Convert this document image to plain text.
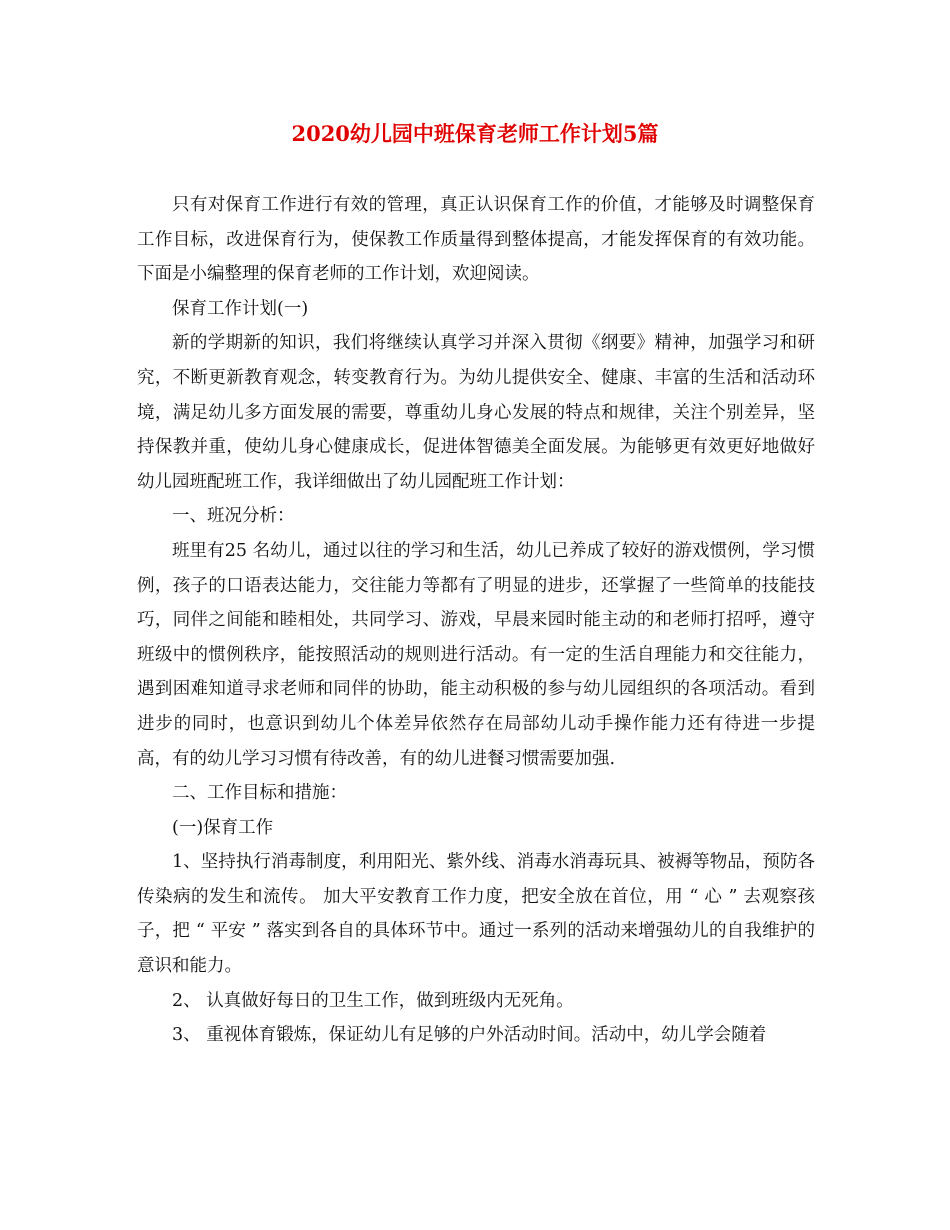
2020幼儿园中班保育老师工作计划5篇

只有对保育工作进行有效的管理，真正认识保育工作的价值，才能够及时调整保育工作目标，改进保育行为，使保教工作质量得到整体提高，才能发挥保育的有效功能。下面是小编整理的保育老师的工作计划，欢迎阅读。

保育工作计划(一)

新的学期新的知识，我们将继续认真学习并深入贯彻《纲要》精神，加强学习和研究，不断更新教育观念，转变教育行为。为幼儿提供安全、健康、丰富的生活和活动环境，满足幼儿多方面发展的需要，尊重幼儿身心发展的特点和规律，关注个别差异，坚持保教并重，使幼儿身心健康成长，促进体智德美全面发展。为能够更有效更好地做好幼儿园班配班工作，我详细做出了幼儿园配班工作计划：

一、班况分析：

班里有25 名幼儿，通过以往的学习和生活，幼儿已养成了较好的游戏惯例，学习惯例，孩子的口语表达能力，交往能力等都有了明显的进步，还掌握了一些简单的技能技巧，同伴之间能和睦相处，共同学习、游戏，早晨来园时能主动的和老师打招呼，遵守班级中的惯例秩序，能按照活动的规则进行活动。有一定的生活自理能力和交往能力，遇到困难知道寻求老师和同伴的协助，能主动积极的参与幼儿园组织的各项活动。看到进步的同时，也意识到幼儿个体差异依然存在局部幼儿动手操作能力还有待进一步提高，有的幼儿学习习惯有待改善，有的幼儿进餐习惯需要加强.

二、工作目标和措施：

(一)保育工作

1、坚持执行消毒制度，利用阳光、紫外线、消毒水消毒玩具、被褥等物品，预防各传染病的发生和流传。 加大平安教育工作力度，把安全放在首位，用 “ 心 ” 去观察孩子，把 “ 平安 ” 落实到各自的具体环节中。通过一系列的活动来增强幼儿的自我维护的意识和能力。

2、 认真做好每日的卫生工作，做到班级内无死角。

3、 重视体育锻炼，保证幼儿有足够的户外活动时间。活动中，幼儿学会随着
